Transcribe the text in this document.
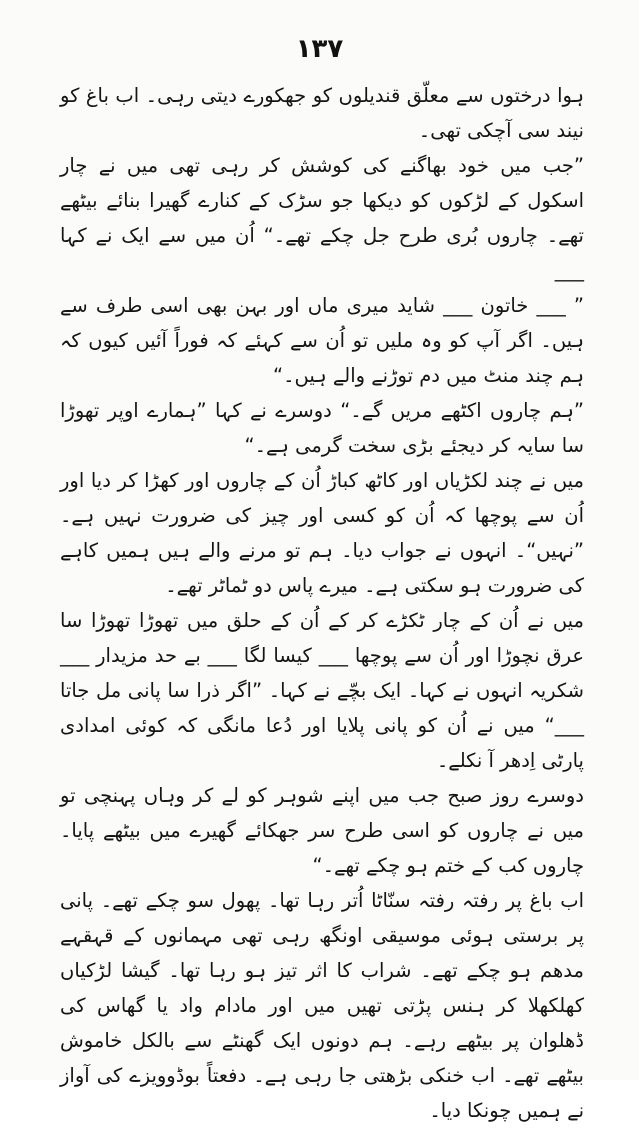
۱۳۷

ہوا درختوں سے معلّق قندیلوں کو جھکورے دیتی رہی۔ اب باغ کو نیند سی آچکی تھی۔

”جب میں خود بھاگنے کی کوشش کر رہی تھی میں نے چار اسکول کے لڑکوں کو دیکھا جو سڑک کے کنارے گھیرا بنائے بیٹھے تھے۔ چاروں بُری طرح جل چکے تھے۔“ اُن میں سے ایک نے کہا ___

” ___ خاتون ___ شاید میری ماں اور بہن بھی اسی طرف سے ہیں۔ اگر آپ کو وہ ملیں تو اُن سے کہئے کہ فوراً آئیں کیوں کہ ہم چند منٹ میں دم توڑنے والے ہیں۔“

”ہم چاروں اکٹھے مریں گے۔“ دوسرے نے کہا ”ہمارے اوپر تھوڑا سا سایہ کر دیجئے بڑی سخت گرمی ہے۔“

میں نے چند لکڑیاں اور کاٹھ کباڑ اُن کے چاروں اور کھڑا کر دیا اور اُن سے پوچھا کہ اُن کو کسی اور چیز کی ضرورت نہیں ہے۔ ”نہیں“۔ انہوں نے جواب دیا۔ ہم تو مرنے والے ہیں ہمیں کاہے کی ضرورت ہو سکتی ہے۔ میرے پاس دو ٹماٹر تھے۔

میں نے اُن کے چار ٹکڑے کر کے اُن کے حلق میں تھوڑا تھوڑا سا عرق نچوڑا اور اُن سے پوچھا ___ کیسا لگا ___ بے حد مزیدار ___ شکریہ انہوں نے کہا۔ ایک بچّے نے کہا۔ ”اگر ذرا سا پانی مل جاتا ___“ میں نے اُن کو پانی پلایا اور دُعا مانگی کہ کوئی امدادی پارٹی اِدھر آ نکلے۔

دوسرے روز صبح جب میں اپنے شوہر کو لے کر وہاں پہنچی تو میں نے چاروں کو اسی طرح سر جھکائے گھیرے میں بیٹھے پایا۔ چاروں کب کے ختم ہو چکے تھے۔“

اب باغ پر رفتہ رفتہ سنّاٹا اُتر رہا تھا۔ پھول سو چکے تھے۔ پانی پر برستی ہوئی موسیقی اونگھ رہی تھی مہمانوں کے قہقہے مدھم ہو چکے تھے۔ شراب کا اثر تیز ہو رہا تھا۔ گیشا لڑکیاں کھلکھلا کر ہنس پڑتی تھیں میں اور مادام واد یا گھاس کی ڈھلوان پر بیٹھے رہے۔ ہم دونوں ایک گھنٹے سے بالکل خاموش بیٹھے تھے۔ اب خنکی بڑھتی جا رہی ہے۔ دفعتاً بوڈوویزے کی آواز نے ہمیں چونکا دیا۔
